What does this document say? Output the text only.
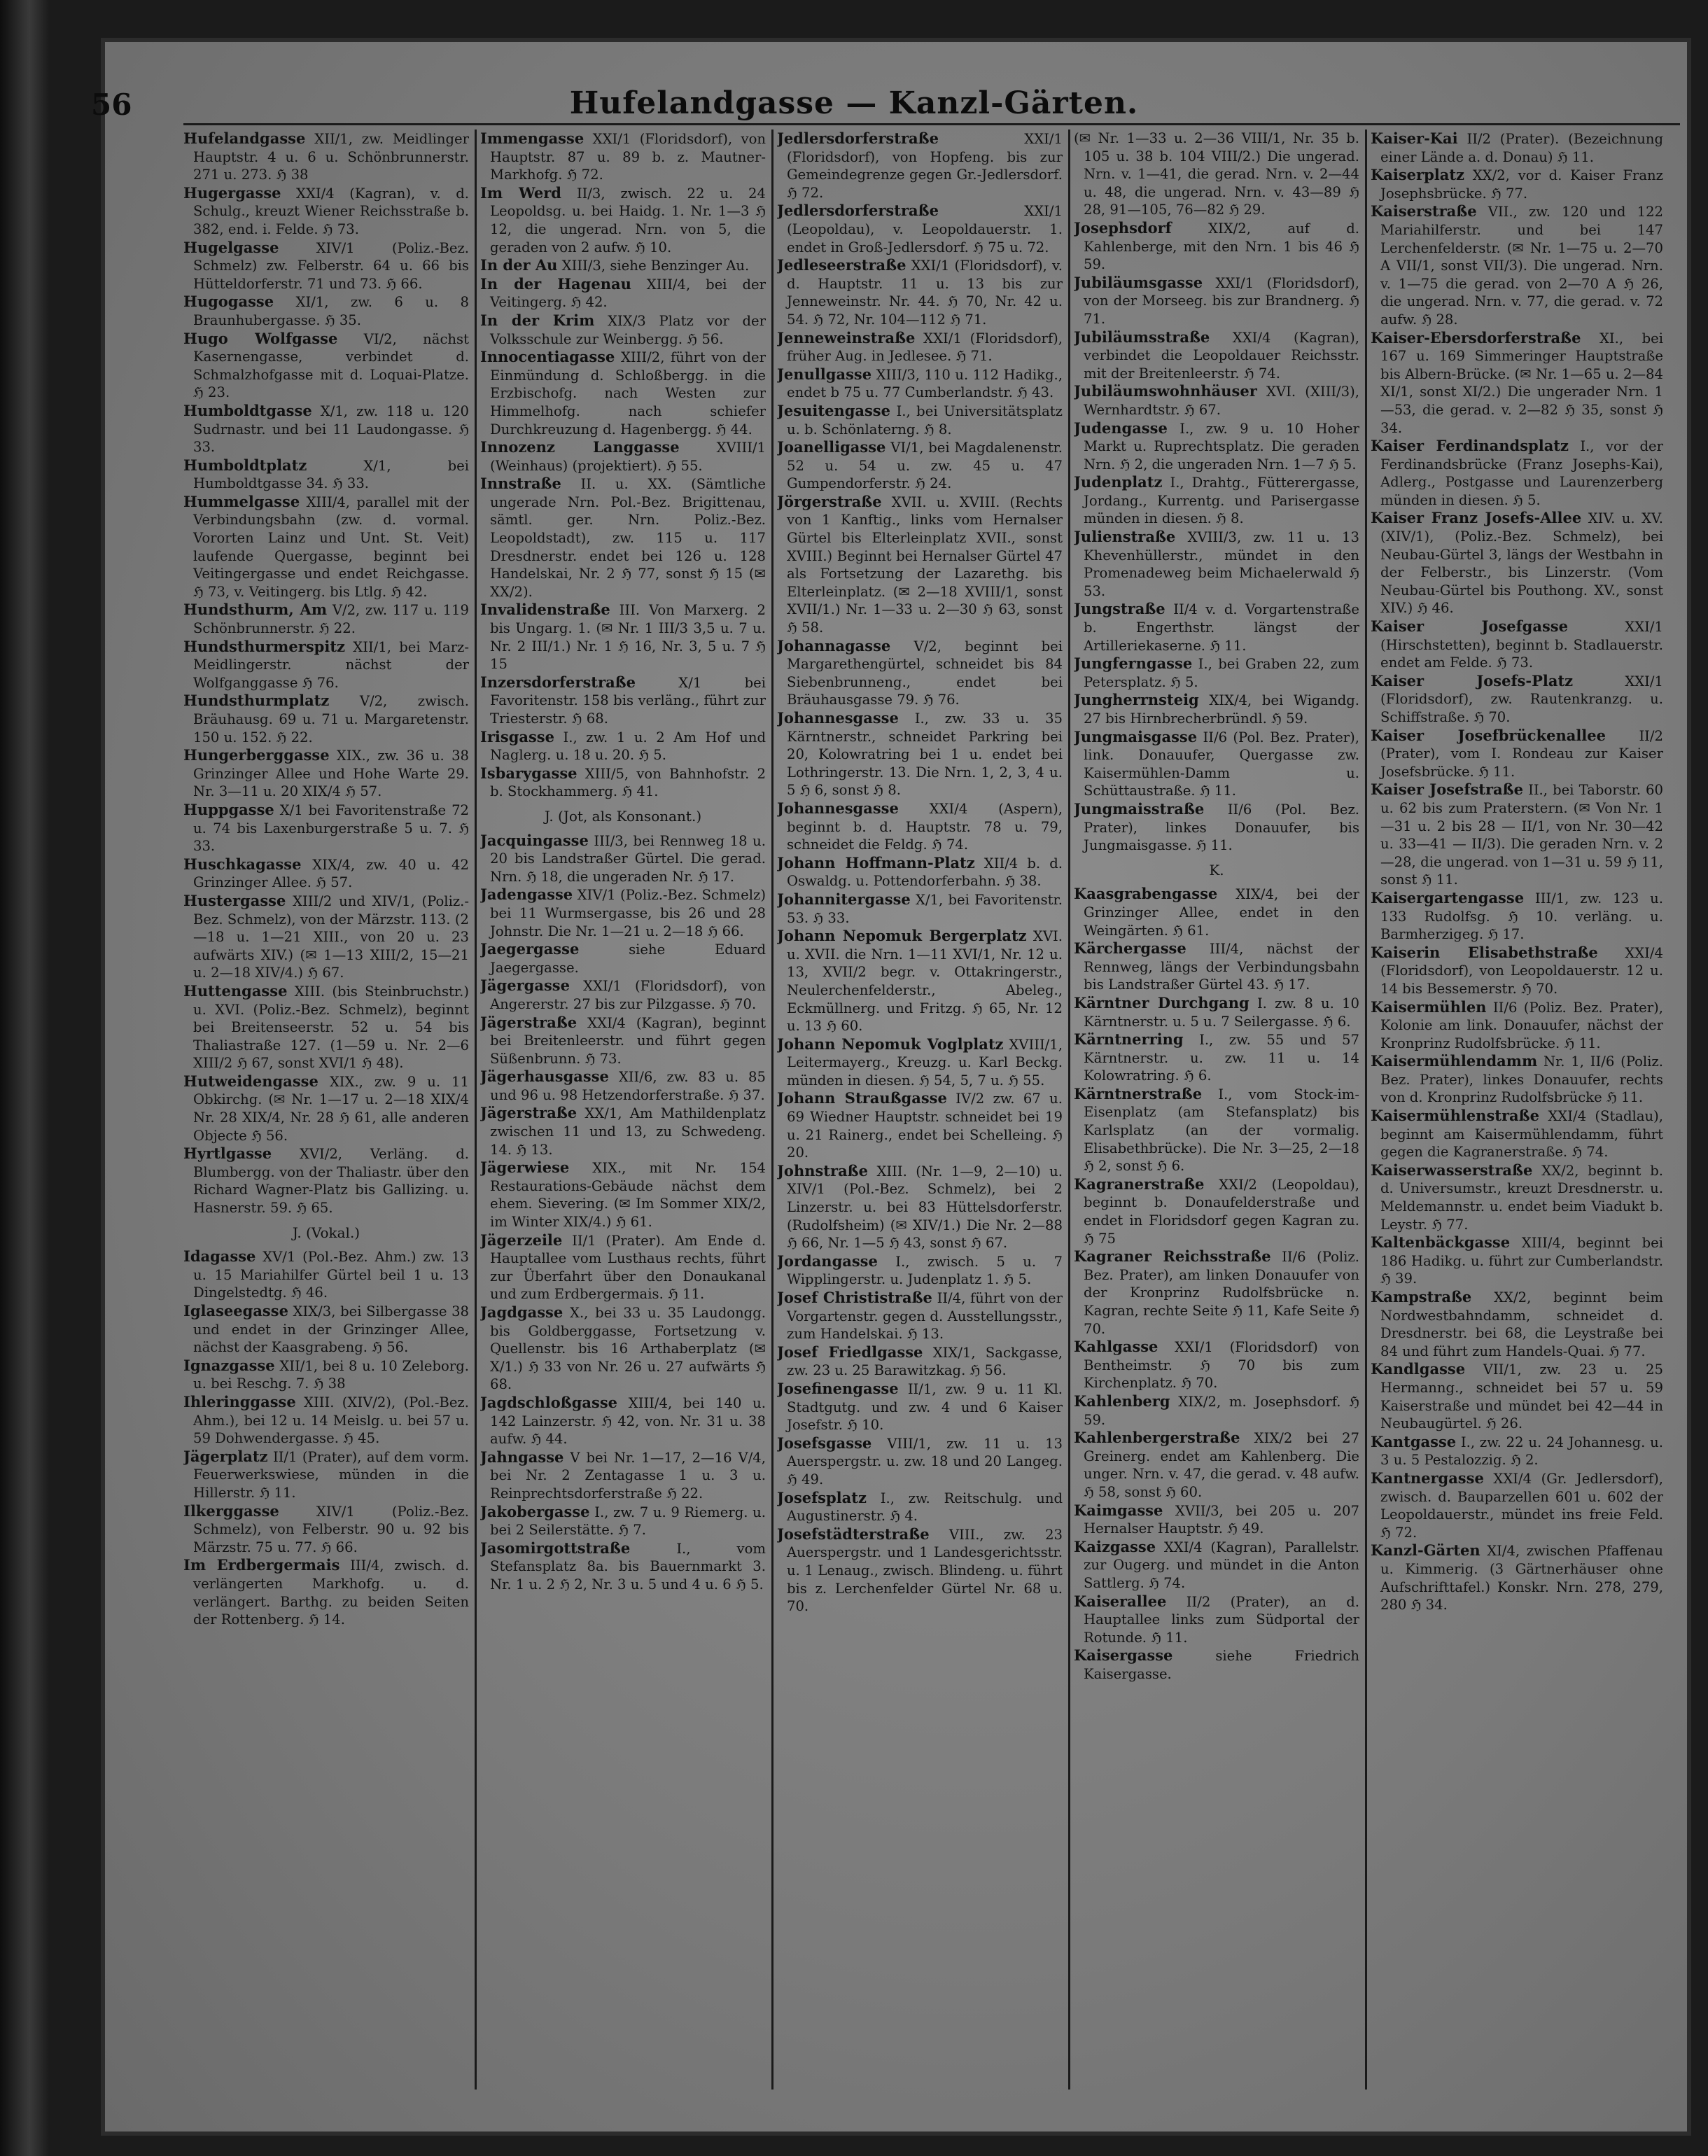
56	Hufelandgasse — Kanzl-Gärten.

Hufelandgasse XII/1, zw. Meidlinger Hauptstr. 4 u. 6 u. Schönbrunnerstr. 271 u. 273. ℌ 38

Hugergasse XXI/4 (Kagran), v. d. Schulg., kreuzt Wiener Reichsstraße b. 382, end. i. Felde. ℌ 73.

Hugelgasse	XIV/1 (Poliz.-Bez. Schmelz) zw. Felberstr. 64 u. 66 bis Hütteldorferstr. 71 und 73. ℌ 66.

Hugogasse XI/1, zw. 6 u. 8 Braunhubergasse. ℌ 35.

Hugo Wolfgasse VI/2, nächst Kasernengasse, verbindet d. Schmalzhofgasse mit d. Loquai-Platze. ℌ 23.

Humboldtgasse X/1, zw. 118 u. 120 Sudrnastr. und bei 11 Laudongasse. ℌ 33.

Humboldtplatz	X/1, bei Humboldtgasse 34. ℌ 33.

Hummelgasse XIII/4, parallel mit der Verbindungsbahn (zw. d. vormal. Vororten Lainz und Unt. St. Veit) laufende Quergasse, beginnt bei Veitingergasse und endet Reichgasse. ℌ 73, v. Veitingerg. bis Ltlg. ℌ 42.

Hundsthurm, Am V/2, zw. 117 u. 119 Schönbrunnerstr. ℌ 22.

Hundsthurmerspitz XII/1, bei Marz-Meidlingerstr. nächst der Wolfganggasse ℌ 76.

Hundsthurmplatz V/2, zwisch. Bräuhausg. 69 u. 71 u. Margaretenstr. 150 u. 152. ℌ 22.

Hungerberggasse XIX., zw. 36 u. 38 Grinzinger Allee und Hohe Warte 29. Nr. 3—11 u. 20 XIX/4 ℌ 57.

Huppgasse X/1 bei Favoritenstraße 72 u. 74 bis Laxenburgerstraße 5 u. 7. ℌ 33.

Huschkagasse XIX/4, zw. 40 u. 42 Grinzinger Allee. ℌ 57.

Hustergasse XIII/2 und XIV/1, (Poliz.-Bez. Schmelz), von der Märzstr. 113. (2—18 u. 1—21 XIII., von 20 u. 23 aufwärts XIV.) (✉ 1—13 XIII/2, 15—21 u. 2—18 XIV/4.) ℌ 67.

Huttengasse XIII. (bis Steinbruchstr.) u. XVI. (Poliz.-Bez. Schmelz), beginnt bei Breitenseerstr. 52 u. 54 bis Thaliastraße 127. (1—59 u. Nr. 2—6 XIII/2 ℌ 67, sonst XVI/1 ℌ 48).

Hutweidengasse XIX., zw. 9 u. 11 Obkirchg. (✉ Nr. 1—17 u. 2—18 XIX/4 Nr. 28 XIX/4, Nr. 28 ℌ 61, alle anderen Objecte ℌ 56.

Hyrtlgasse XVI/2, Verläng. d. Blumbergg. von der Thaliastr. über den Richard Wagner-Platz bis Gallizing. u. Hasnerstr. 59. ℌ 65.

J. (Vokal.)

Idagasse XV/1 (Pol.-Bez. Ahm.) zw. 13 u. 15 Mariahilfer Gürtel beil 1 u. 13 Dingelstedtg. ℌ 46.

Iglaseegasse XIX/3, bei Silbergasse 38 und endet in der Grinzinger Allee, nächst der Kaasgrabeng. ℌ 56.

Ignazgasse XII/1, bei 8 u. 10 Zeleborg. u. bei Reschg. 7. ℌ 38

Ihleringgasse XIII. (XIV/2), (Pol.-Bez. Ahm.), bei 12 u. 14 Meislg. u. bei 57 u. 59 Dohwendergasse. ℌ 45.

Jägerplatz II/1 (Prater), auf dem vorm. Feuerwerkswiese, münden in die Hillerstr. ℌ 11.

Ilkerggasse	XIV/1 (Poliz.-Bez. Schmelz), von Felberstr. 90 u. 92 bis Märzstr. 75 u. 77. ℌ 66.

Im Erdbergermais III/4, zwisch. d. verlängerten Markhofg. u. d. verlängert. Barthg. zu beiden Seiten der Rottenberg. ℌ 14.

Immengasse XXI/1 (Floridsdorf), von Hauptstr. 87 u. 89 b. z. Mautner-Markhofg. ℌ 72.

Im Werd II/3, zwisch. 22 u. 24 Leopoldsg. u. bei Haidg. 1. Nr. 1—3 ℌ 12, die ungerad. Nrn. von 5, die geraden von 2 aufw. ℌ 10.

In der Au XIII/3, siehe Benzinger Au.

In der Hagenau XIII/4, bei der Veitingerg. ℌ 42.

In der Krim XIX/3 Platz vor der Volksschule zur Weinbergg. ℌ 56.

Innocentiagasse XIII/2, führt von der Einmündung d. Schloßbergg. in die Erzbischofg. nach Westen zur Himmelhofg. nach schiefer Durchkreuzung d. Hagenbergg. ℌ 44.

Innozenz Langgasse	XVIII/1 (Weinhaus) (projektiert). ℌ 55.

Innstraße II. u. XX. (Sämtliche ungerade Nrn. Pol.-Bez. Brigittenau, sämtl. ger. Nrn. Poliz.-Bez. Leopoldstadt), zw. 115 u. 117 Dresdnerstr. endet bei 126 u. 128 Handelskai, Nr. 2 ℌ 77, sonst ℌ 15 (✉ XX/2).

Invalidenstraße III. Von Marxerg. 2 bis Ungarg. 1. (✉ Nr. 1 III/3 3,5 u. 7 u. Nr. 2 III/1.) Nr. 1 ℌ 16, Nr. 3, 5 u. 7 ℌ 15

Inzersdorferstraße	X/1 bei Favoritenstr. 158 bis verläng., führt zur Triesterstr. ℌ 68.

Irisgasse I., zw. 1 u. 2 Am Hof und Naglerg. u. 18 u. 20. ℌ 5.

Isbarygasse XIII/5, von Bahnhofstr. 2 b. Stockhammerg. ℌ 41.

J. (Jot, als Konsonant.)

Jacquingasse III/3, bei Rennweg 18 u. 20 bis Landstraßer Gürtel. Die gerad. Nrn. ℌ 18, die ungeraden Nr. ℌ 17.

Jadengasse XIV/1 (Poliz.-Bez. Schmelz) bei 11 Wurmsergasse, bis 26 und 28 Johnstr. Die Nr. 1—21 u. 2—18 ℌ 66.

Jaegergasse	siehe Eduard Jaegergasse.

Jägergasse XXI/1 (Floridsdorf), von Angererstr. 27 bis zur Pilzgasse. ℌ 70.

Jägerstraße XXI/4 (Kagran), beginnt bei Breitenleerstr. und führt gegen Süßenbrunn. ℌ 73.

Jägerhausgasse XII/6, zw. 83 u. 85 und 96 u. 98 Hetzendorferstraße. ℌ 37.

Jägerstraße XX/1, Am Mathildenplatz zwischen 11 und 13, zu Schwedeng. 14. ℌ 13.

Jägerwiese XIX., mit Nr. 154 Restaurations-Gebäude nächst dem ehem. Sievering. (✉ Im Sommer XIX/2, im Winter XIX/4.) ℌ 61.

Jägerzeile II/1 (Prater). Am Ende d. Hauptallee vom Lusthaus rechts, führt zur Überfahrt über den Donaukanal und zum Erdbergermais. ℌ 11.

Jagdgasse X., bei 33 u. 35 Laudongg. bis Goldberggasse, Fortsetzung v. Quellenstr. bis 16 Arthaberplatz (✉ X/1.) ℌ 33 von Nr. 26 u. 27 aufwärts ℌ 68.

Jagdschloßgasse XIII/4, bei 140 u. 142 Lainzerstr. ℌ 42, von. Nr. 31 u. 38 aufw. ℌ 44.

Jahngasse V bei Nr. 1—17, 2—16 V/4, bei Nr. 2 Zentagasse 1 u. 3 u. Reinprechtsdorferstraße ℌ 22.

Jakobergasse I., zw. 7 u. 9 Riemerg. u. bei 2 Seilerstätte. ℌ 7.

Jasomirgottstraße	I., vom Stefansplatz 8a. bis Bauernmarkt 3. Nr. 1 u. 2 ℌ 2, Nr. 3 u. 5 und 4 u. 6 ℌ 5.

Jedlersdorferstraße	XXI/1 (Floridsdorf), von Hopfeng. bis zur Gemeindegrenze gegen Gr.-Jedlersdorf. ℌ 72.

Jedlersdorferstraße	XXI/1 (Leopoldau), v. Leopoldauerstr. 1. endet in Groß-Jedlersdorf. ℌ 75 u. 72.

Jedleseerstraße XXI/1 (Floridsdorf), v. d. Hauptstr. 11 u. 13 bis zur Jenneweinstr. Nr. 44. ℌ 70, Nr. 42 u. 54. ℌ 72, Nr. 104—112 ℌ 71.

Jenneweinstraße XXI/1 (Floridsdorf), früher Aug. in Jedlesee. ℌ 71.

Jenullgasse XIII/3, 110 u. 112 Hadikg., endet b 75 u. 77 Cumberlandstr. ℌ 43.

Jesuitengasse I., bei Universitätsplatz u. b. Schönlaterng. ℌ 8.

Joanelligasse VI/1, bei Magdalenenstr. 52 u. 54 u. zw. 45 u. 47 Gumpendorferstr. ℌ 24.

Jörgerstraße XVII. u. XVIII. (Rechts von 1 Kanftig., links vom Hernalser Gürtel bis Elterleinplatz XVII., sonst XVIII.) Beginnt bei Hernalser Gürtel 47 als Fortsetzung der Lazarethg. bis Elterleinplatz. (✉ 2—18 XVIII/1, sonst XVII/1.) Nr. 1—33 u. 2—30 ℌ 63, sonst ℌ 58.

Johannagasse V/2, beginnt bei Margarethengürtel, schneidet bis 84 Siebenbrunneng., endet bei Bräuhausgasse 79. ℌ 76.

Johannesgasse I., zw. 33 u. 35 Kärntnerstr., schneidet Parkring bei 20, Kolowratring bei 1 u. endet bei Lothringerstr. 13. Die Nrn. 1, 2, 3, 4 u. 5 ℌ 6, sonst ℌ 8.

Johannesgasse XXI/4 (Aspern), beginnt b. d. Hauptstr. 78 u. 79, schneidet die Feldg. ℌ 74.

Johann Hoffmann-Platz XII/4 b. d. Oswaldg. u. Pottendorferbahn. ℌ 38.

Johannitergasse X/1, bei Favoritenstr. 53. ℌ 33.

Johann Nepomuk Bergerplatz XVI. u. XVII. die Nrn. 1—11 XVI/1, Nr. 12 u. 13, XVII/2 begr. v. Ottakringerstr., Neulerchenfelderstr., Abeleg., Eckmüllnerg. und Fritzg. ℌ 65, Nr. 12 u. 13 ℌ 60.

Johann Nepomuk Voglplatz XVIII/1, Leitermayerg., Kreuzg. u. Karl Beckg. münden in diesen. ℌ 54, 5, 7 u. ℌ 55.

Johann Straußgasse IV/2 zw. 67 u. 69 Wiedner Hauptstr. schneidet bei 19 u. 21 Rainerg., endet bei Schelleing. ℌ 20.

Johnstraße XIII. (Nr. 1—9, 2—10) u. XIV/1 (Pol.-Bez. Schmelz), bei 2 Linzerstr. u. bei 83 Hüttelsdorferstr. (Rudolfsheim) (✉ XIV/1.) Die Nr. 2—88 ℌ 66, Nr. 1—5 ℌ 43, sonst ℌ 67.

Jordangasse I., zwisch. 5 u. 7 Wipplingerstr. u. Judenplatz 1. ℌ 5.

Josef Christistraße II/4, führt von der Vorgartenstr. gegen d. Ausstellungsstr., zum Handelskai. ℌ 13.

Josef Friedlgasse XIX/1, Sackgasse, zw. 23 u. 25 Barawitzkag. ℌ 56.

Josefinengasse II/1, zw. 9 u. 11 Kl. Stadtgutg. und zw. 4 und 6 Kaiser Josefstr. ℌ 10.

Josefsgasse VIII/1, zw. 11 u. 13 Auerspergstr. u. zw. 18 und 20 Langeg. ℌ 49.

Josefsplatz I., zw. Reitschulg. und Augustinerstr. ℌ 4.

Josefstädterstraße VIII., zw. 23 Auerspergstr. und 1 Landesgerichtsstr. u. 1 Lenaug., zwisch. Blindeng. u. führt bis z. Lerchenfelder Gürtel Nr. 68 u. 70.

(✉ Nr. 1—33 u. 2—36 VIII/1, Nr. 35 b. 105 u. 38 b. 104 VIII/2.) Die ungerad. Nrn. v. 1—41, die gerad. Nrn. v. 2—44 u. 48, die ungerad. Nrn. v. 43—89 ℌ 28, 91—105, 76—82 ℌ 29.

Josephsdorf	XIX/2, auf d. Kahlenberge, mit den Nrn. 1 bis 46 ℌ 59.

Jubiläumsgasse XXI/1 (Floridsdorf), von der Morseeg. bis zur Brandnerg. ℌ 71.

Jubiläumsstraße XXI/4 (Kagran), verbindet die Leopoldauer Reichsstr. mit der Breitenleerstr. ℌ 74.

Jubiläumswohnhäuser XVI. (XIII/3), Wernhardtstr. ℌ 67.

Judengasse I., zw. 9 u. 10 Hoher Markt u. Ruprechtsplatz. Die geraden Nrn. ℌ 2, die ungeraden Nrn. 1—7 ℌ 5.

Judenplatz I., Drahtg., Fütterergasse, Jordang., Kurrentg. und Parisergasse münden in diesen. ℌ 8.

Julienstraße XVIII/3, zw. 11 u. 13 Khevenhüllerstr., mündet in den Promenadeweg beim Michaelerwald ℌ 53.

Jungstraße II/4 v. d. Vorgartenstraße b. Engerthstr. längst der Artilleriekaserne. ℌ 11.

Jungferngasse I., bei Graben 22, zum Petersplatz. ℌ 5.

Jungherrnsteig XIX/4, bei Wigandg. 27 bis Hirnbrecherbründl. ℌ 59.

Jungmaisgasse II/6 (Pol. Bez. Prater), link. Donauufer, Quergasse zw. Kaisermühlen-Damm u. Schüttaustraße. ℌ 11.

Jungmaisstraße II/6 (Pol. Bez. Prater), linkes Donauufer, bis Jungmaisgasse. ℌ 11.

K.

Kaasgrabengasse XIX/4, bei der Grinzinger Allee, endet in den Weingärten. ℌ 61.

Kärchergasse III/4, nächst der Rennweg, längs der Verbindungsbahn bis Landstraßer Gürtel 43. ℌ 17.

Kärntner Durchgang I. zw. 8 u. 10 Kärntnerstr. u. 5 u. 7 Seilergasse. ℌ 6.

Kärntnerring I., zw. 55 und 57 Kärntnerstr. u. zw. 11 u. 14 Kolowratring. ℌ 6.

Kärntnerstraße I., vom Stock-im-Eisenplatz (am Stefansplatz) bis Karlsplatz (an der vormalig. Elisabethbrücke). Die Nr. 3—25, 2—18 ℌ 2, sonst ℌ 6.

Kagranerstraße XXI/2 (Leopoldau), beginnt b. Donaufelderstraße und endet in Floridsdorf gegen Kagran zu. ℌ 75

Kagraner Reichsstraße II/6 (Poliz. Bez. Prater), am linken Donauufer von der Kronprinz Rudolfsbrücke n. Kagran, rechte Seite ℌ 11, Kafe Seite ℌ 70.

Kahlgasse XXI/1 (Floridsdorf) von Bentheimstr. ℌ 70 bis zum Kirchenplatz. ℌ 70.

Kahlenberg XIX/2, m. Josephsdorf. ℌ 59.

Kahlenbergerstraße XIX/2 bei 27 Greinerg. endet am Kahlenberg. Die unger. Nrn. v. 47, die gerad. v. 48 aufw. ℌ 58, sonst ℌ 60.

Kaimgasse XVII/3, bei 205 u. 207 Hernalser Hauptstr. ℌ 49.

Kaizgasse XXI/4 (Kagran), Parallelstr. zur Ougerg. und mündet in die Anton Sattlerg. ℌ 74.

Kaiserallee II/2 (Prater), an d. Hauptallee links zum Südportal der Rotunde. ℌ 11.

Kaisergasse	siehe Friedrich Kaisergasse.

Kaiser-Kai II/2 (Prater). (Bezeichnung einer Lände a. d. Donau) ℌ 11.

Kaiserplatz XX/2, vor d. Kaiser Franz Josephsbrücke. ℌ 77.

Kaiserstraße VII., zw. 120 und 122 Mariahilferstr. und bei 147 Lerchenfelderstr. (✉ Nr. 1—75 u. 2—70 A VII/1, sonst VII/3). Die ungerad. Nrn. v. 1—75 die gerad. von 2—70 A ℌ 26, die ungerad. Nrn. v. 77, die gerad. v. 72 aufw. ℌ 28.

Kaiser-Ebersdorferstraße XI., bei 167 u. 169 Simmeringer Hauptstraße bis Albern-Brücke. (✉ Nr. 1—65 u. 2—84 XI/1, sonst XI/2.) Die ungerader Nrn. 1—53, die gerad. v. 2—82 ℌ 35, sonst ℌ 34.

Kaiser Ferdinandsplatz I., vor der Ferdinandsbrücke (Franz Josephs-Kai), Adlerg., Postgasse und Laurenzerberg münden in diesen. ℌ 5.

Kaiser Franz Josefs-Allee XIV. u. XV. (XIV/1), (Poliz.-Bez. Schmelz), bei Neubau-Gürtel 3, längs der Westbahn in der Felberstr., bis Linzerstr. (Vom Neubau-Gürtel bis Pouthong. XV., sonst XIV.) ℌ 46.

Kaiser Josefgasse	XXI/1 (Hirschstetten), beginnt b. Stadlauerstr. endet am Felde. ℌ 73.

Kaiser Josefs-Platz	XXI/1 (Floridsdorf), zw. Rautenkranzg. u. Schiffstraße. ℌ 70.

Kaiser Josefbrückenallee II/2 (Prater), vom I. Rondeau zur Kaiser Josefsbrücke. ℌ 11.

Kaiser Josefstraße II., bei Taborstr. 60 u. 62 bis zum Praterstern. (✉ Von Nr. 1—31 u. 2 bis 28 — II/1, von Nr. 30—42 u. 33—41 — II/3). Die geraden Nrn. v. 2—28, die ungerad. von 1—31 u. 59 ℌ 11, sonst ℌ 11.

Kaisergartengasse III/1, zw. 123 u. 133 Rudolfsg. ℌ 10. verläng. u. Barmherzigeg. ℌ 17.

Kaiserin Elisabethstraße XXI/4 (Floridsdorf), von Leopoldauerstr. 12 u. 14 bis Bessemerstr. ℌ 70.

Kaisermühlen II/6 (Poliz. Bez. Prater), Kolonie am link. Donauufer, nächst der Kronprinz Rudolfsbrücke. ℌ 11.

Kaisermühlendamm Nr. 1, II/6 (Poliz. Bez. Prater), linkes Donauufer, rechts von d. Kronprinz Rudolfsbrücke ℌ 11.

Kaisermühlenstraße XXI/4 (Stadlau), beginnt am Kaisermühlendamm, führt gegen die Kagranerstraße. ℌ 74.

Kaiserwasserstraße XX/2, beginnt b. d. Universumstr., kreuzt Dresdnerstr. u. Meldemannstr. u. endet beim Viadukt b. Leystr. ℌ 77.

Kaltenbäckgasse XIII/4, beginnt bei 186 Hadikg. u. führt zur Cumberlandstr. ℌ 39.

Kampstraße XX/2, beginnt beim Nordwestbahndamm, schneidet d. Dresdnerstr. bei 68, die Leystraße bei 84 und führt zum Handels-Quai. ℌ 77.

Kandlgasse VII/1, zw. 23 u. 25 Hermanng., schneidet bei 57 u. 59 Kaiserstraße und mündet bei 42—44 in Neubaugürtel. ℌ 26.

Kantgasse I., zw. 22 u. 24 Johannesg. u. 3 u. 5 Pestalozzig. ℌ 2.

Kantnergasse XXI/4 (Gr. Jedlersdorf), zwisch. d. Bauparzellen 601 u. 602 der Leopoldauerstr., mündet ins freie Feld. ℌ 72.

Kanzl-Gärten XI/4, zwischen Pfaffenau u. Kimmerig. (3 Gärtnerhäuser ohne Aufschrifttafel.) Konskr. Nrn. 278, 279, 280 ℌ 34.
